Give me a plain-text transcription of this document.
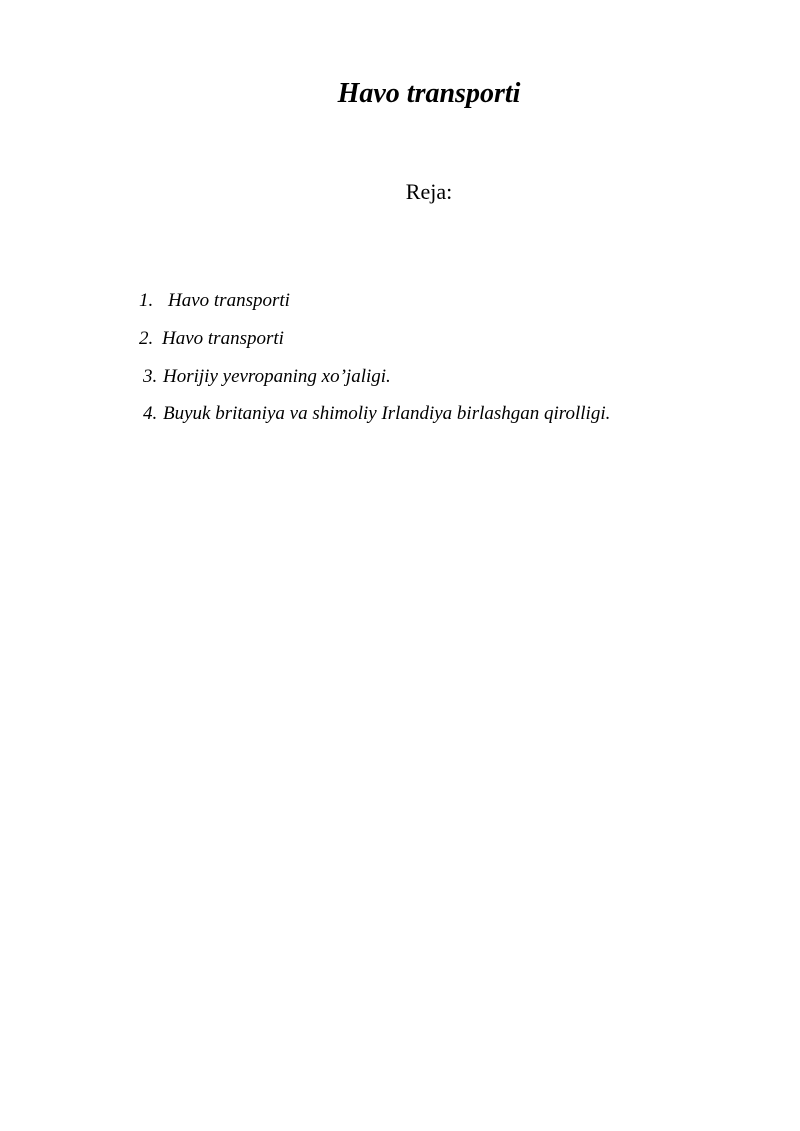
Havo transporti

Reja:

1. Havo transporti
2. Havo transporti
3. Horijiy yevropaning xo’jaligi.
4. Buyuk britaniya va shimoliy Irlandiya birlashgan qirolligi.
